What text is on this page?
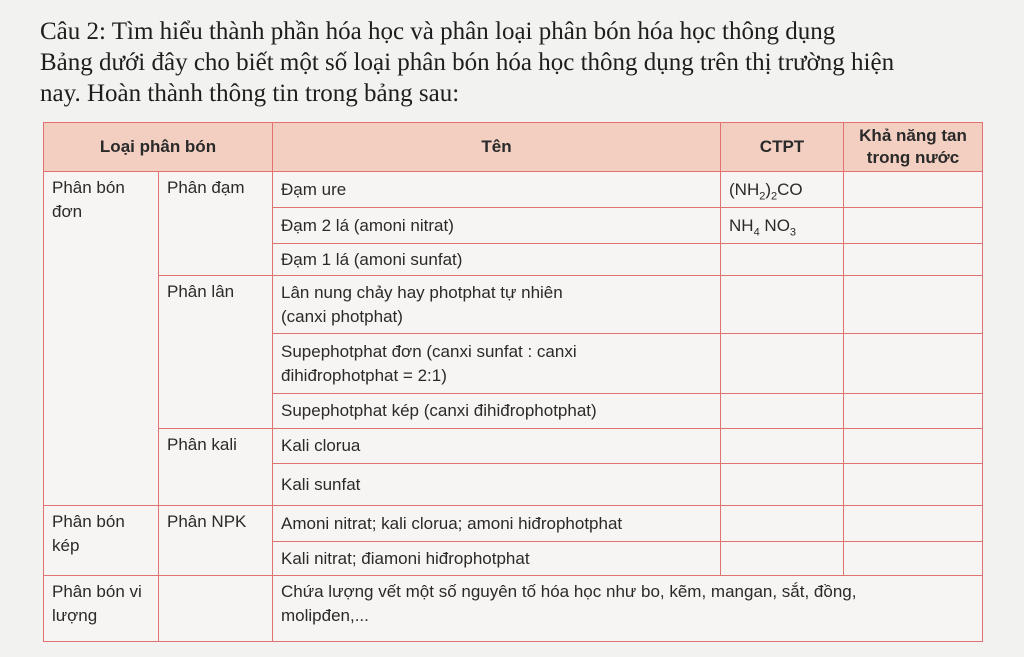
Câu 2: Tìm hiểu thành phần hóa học và phân loại phân bón hóa học thông dụng
Bảng dưới đây cho biết một số loại phân bón hóa học thông dụng trên thị trường hiện
nay. Hoàn thành thông tin trong bảng sau:
Loại phân bón		Tên	CTPT	Khả năng tan trong nước
Phân bón đơn	Phân đạm	Đạm ure	$(NH_2)_2CO$	
		Đạm 2 lá (amoni nitrat)	$NH_4$ $NO_3$	
		Đạm 1 lá (amoni sunfat)		
	Phân lân	Lân nung chảy hay photphat tự nhiên
(canxi photphat)		

		Supephotphat đơn (canxi sunfat : canxi
đihiđrophotphat = 2:1)		

		Supephotphat kép (canxi đihiđrophotphat)		
	Phân kali	Kali clorua		
		Kali sunfat		
Phân bón kép	Phân NPK	Amoni nitrat; kali clorua; amoni hiđrophotphat		
		Kali nitrat; điamoni hiđrophotphat		
Phân bón vi lượng		Chứa lượng vết một số nguyên tố hóa học như bo, kẽm, mangan, sắt, đồng,
molipđen,...		
